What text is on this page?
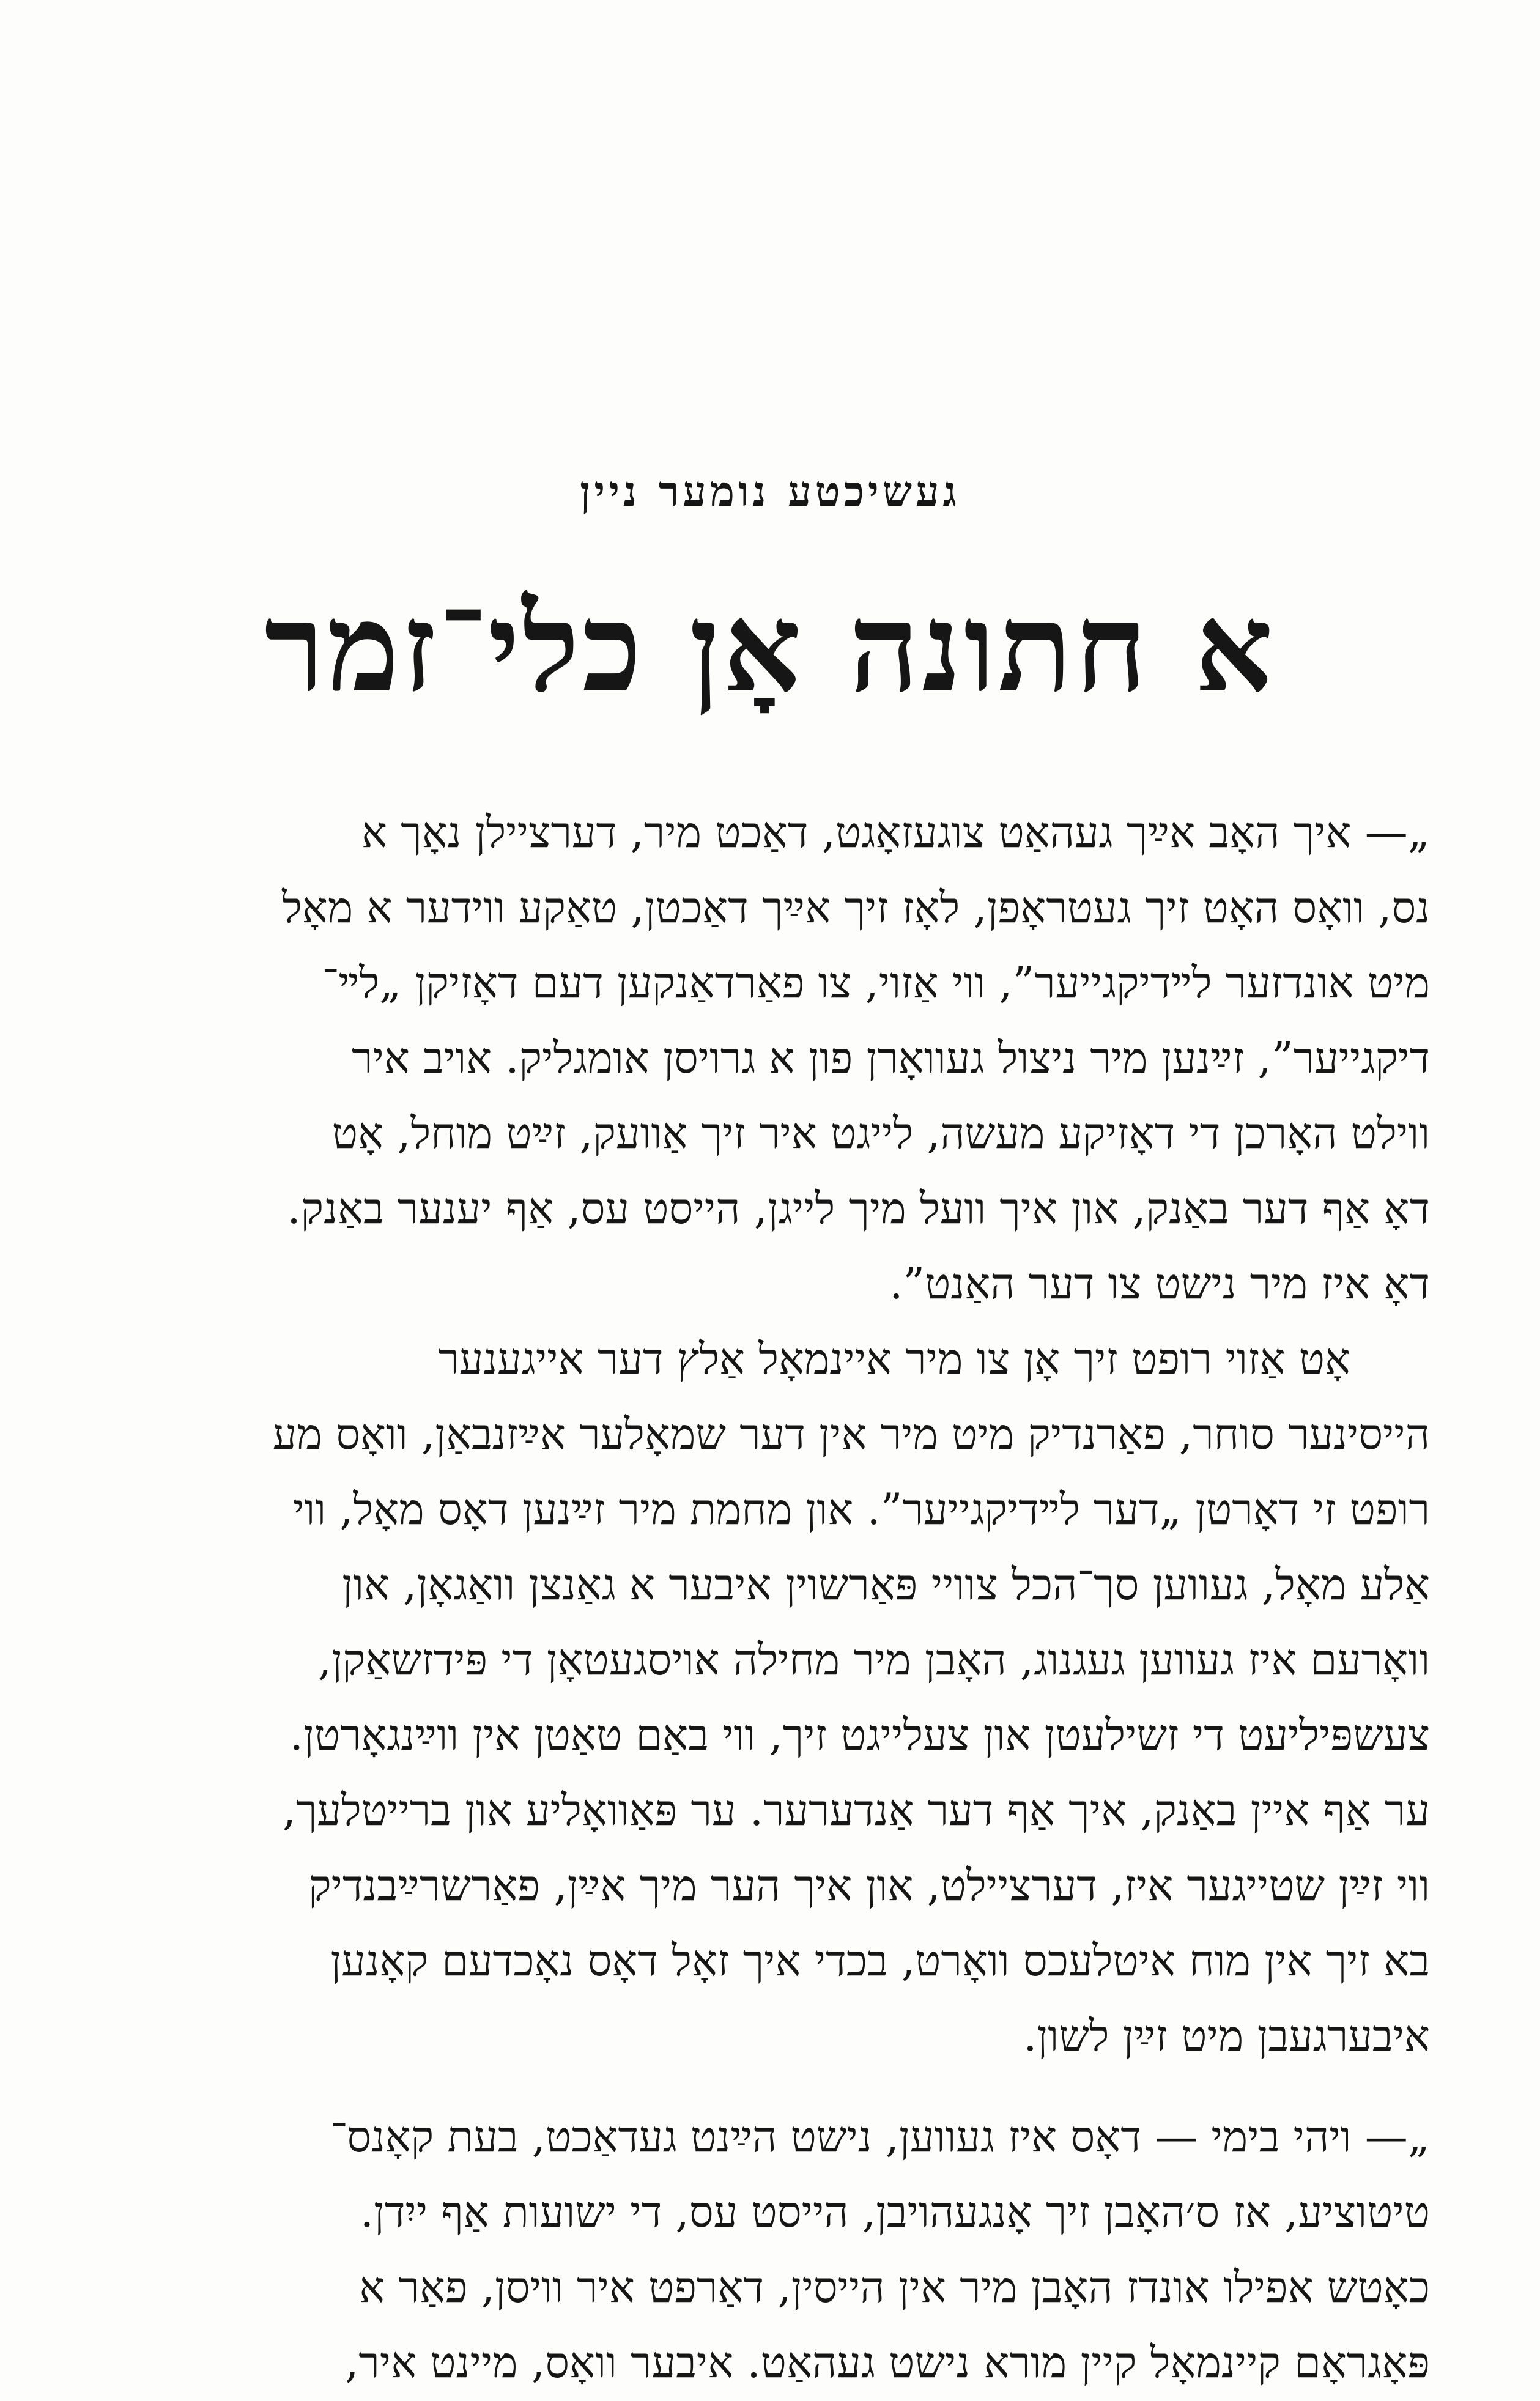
געשיכטע נומער ניין
א חתונה אָן כלי־זמר
„— איך האָב אײַך געהאַט צוגעזאָגט, דאַכט מיר, דערציילן נאָך א
נס, וואָס האָט זיך געטראָפן, לאָז זיך אײַך דאַכטן, טאַקע ווידער א מאָל
מיט אונדזער לײדיקגייער”, ווי אַזוי, צו פאַרדאַנקען דעם דאָזיקן „לײ־
דיקגייער”, זײַנען מיר ניצול געוואָרן פון א גרויסן אומגליק. אויב איר
ווילט האָרכן די דאָזיקע מעשה, לייגט איר זיך אַוועק, זײַט מוחל, אָט
דאָ אַף דער באַנק, און איך וועל מיך לייגן, הייסט עס, אַף יענער באַנק.
דאָ איז מיר נישט צו דער האַנט”.
אָט אַזוי רופט זיך אָן צו מיר איינמאָל אַלץ דער אייגענער
הייסינער סוחר, פאַרנדיק מיט מיר אין דער שמאָלער אײַזנבאַן, וואָס מע
רופט זי דאָרטן „דער לײדיקגייער”. און מחמת מיר זײַנען דאָס מאָל, ווי
אַלע מאָל, געווען סך־הכל צוויי פּאַרשוין איבער א גאַנצן וואַגאָן, און
וואָרעם איז געווען געגנוג, האָבן מיר מחילה אויסגעטאָן די פּידזשאַקן,
צעשפּיליעט די זשילעטן און צעלייגט זיך, ווי באַם טאַטן אין ווײַנגאָרטן.
ער אַף איין באַנק, איך אַף דער אַנדערער. ער פּאַוואָליע און ברייטלעך,
ווי זײַן שטייגער איז, דערציילט, און איך הער מיך אײַן, פאַרשרײַבנדיק
בא זיך אין מוח איטלעכס וואָרט, בכדי איך זאָל דאָס נאָכדעם קאָנען
איבערגעבן מיט זײַן לשון.
„— ויהי בימי — דאָס איז געווען, נישט הײַנט געדאַכט, בעת קאָנס־
טיטוציע, אז ס׳האָבן זיך אָנגעהויבן, הייסט עס, די ישועות אַף ייִדן.
כאָטש אפילו אונדז האָבן מיר אין הייסין, דאַרפט איר וויסן, פאַר א
פּאָגראָם קיינמאָל קיין מורא נישט געהאַט. איבער וואָס, מיינט איר,
